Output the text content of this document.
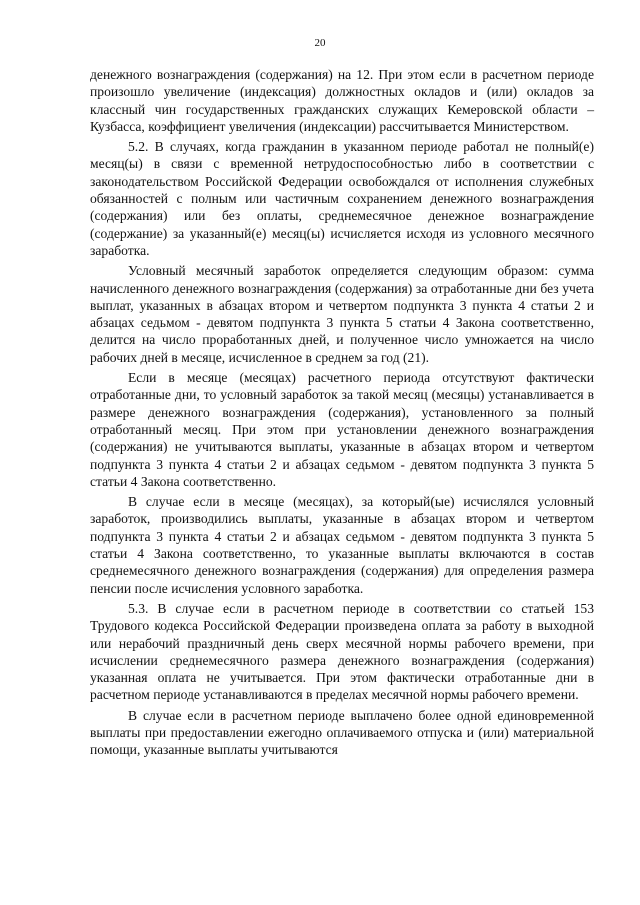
20

денежного вознаграждения (содержания) на 12. При этом если в расчетном периоде произошло увеличение (индексация) должностных окладов и (или) окладов за классный чин государственных гражданских служащих Кемеровской области – Кузбасса, коэффициент увеличения (индексации) рассчитывается Министерством.

5.2. В случаях, когда гражданин в указанном периоде работал не полный(е) месяц(ы) в связи с временной нетрудоспособностью либо в соответствии с законодательством Российской Федерации освобождался от исполнения служебных обязанностей с полным или частичным сохранением денежного вознаграждения (содержания) или без оплаты, среднемесячное денежное вознаграждение (содержание) за указанный(е) месяц(ы) исчисляется исходя из условного месячного заработка.

Условный месячный заработок определяется следующим образом: сумма начисленного денежного вознаграждения (содержания) за отработанные дни без учета выплат, указанных в абзацах втором и четвертом подпункта 3 пункта 4 статьи 2 и абзацах седьмом - девятом подпункта 3 пункта 5 статьи 4 Закона соответственно, делится на число проработанных дней, и полученное число умножается на число рабочих дней в месяце, исчисленное в среднем за год (21).

Если в месяце (месяцах) расчетного периода отсутствуют фактически отработанные дни, то условный заработок за такой месяц (месяцы) устанавливается в размере денежного вознаграждения (содержания), установленного за полный отработанный месяц. При этом при установлении денежного вознаграждения (содержания) не учитываются выплаты, указанные в абзацах втором и четвертом подпункта 3 пункта 4 статьи 2 и абзацах седьмом - девятом подпункта 3 пункта 5 статьи 4 Закона соответственно.

В случае если в месяце (месяцах), за который(ые) исчислялся условный заработок, производились выплаты, указанные в абзацах втором и четвертом подпункта 3 пункта 4 статьи 2 и абзацах седьмом - девятом подпункта 3 пункта 5 статьи 4 Закона соответственно, то указанные выплаты включаются в состав среднемесячного денежного вознаграждения (содержания) для определения размера пенсии после исчисления условного заработка.

5.3. В случае если в расчетном периоде в соответствии со статьей 153 Трудового кодекса Российской Федерации произведена оплата за работу в выходной или нерабочий праздничный день сверх месячной нормы рабочего времени, при исчислении среднемесячного размера денежного вознаграждения (содержания) указанная оплата не учитывается. При этом фактически отработанные дни в расчетном периоде устанавливаются в пределах месячной нормы рабочего времени.

В случае если в расчетном периоде выплачено более одной единовременной выплаты при предоставлении ежегодно оплачиваемого отпуска и (или) материальной помощи, указанные выплаты учитываются
